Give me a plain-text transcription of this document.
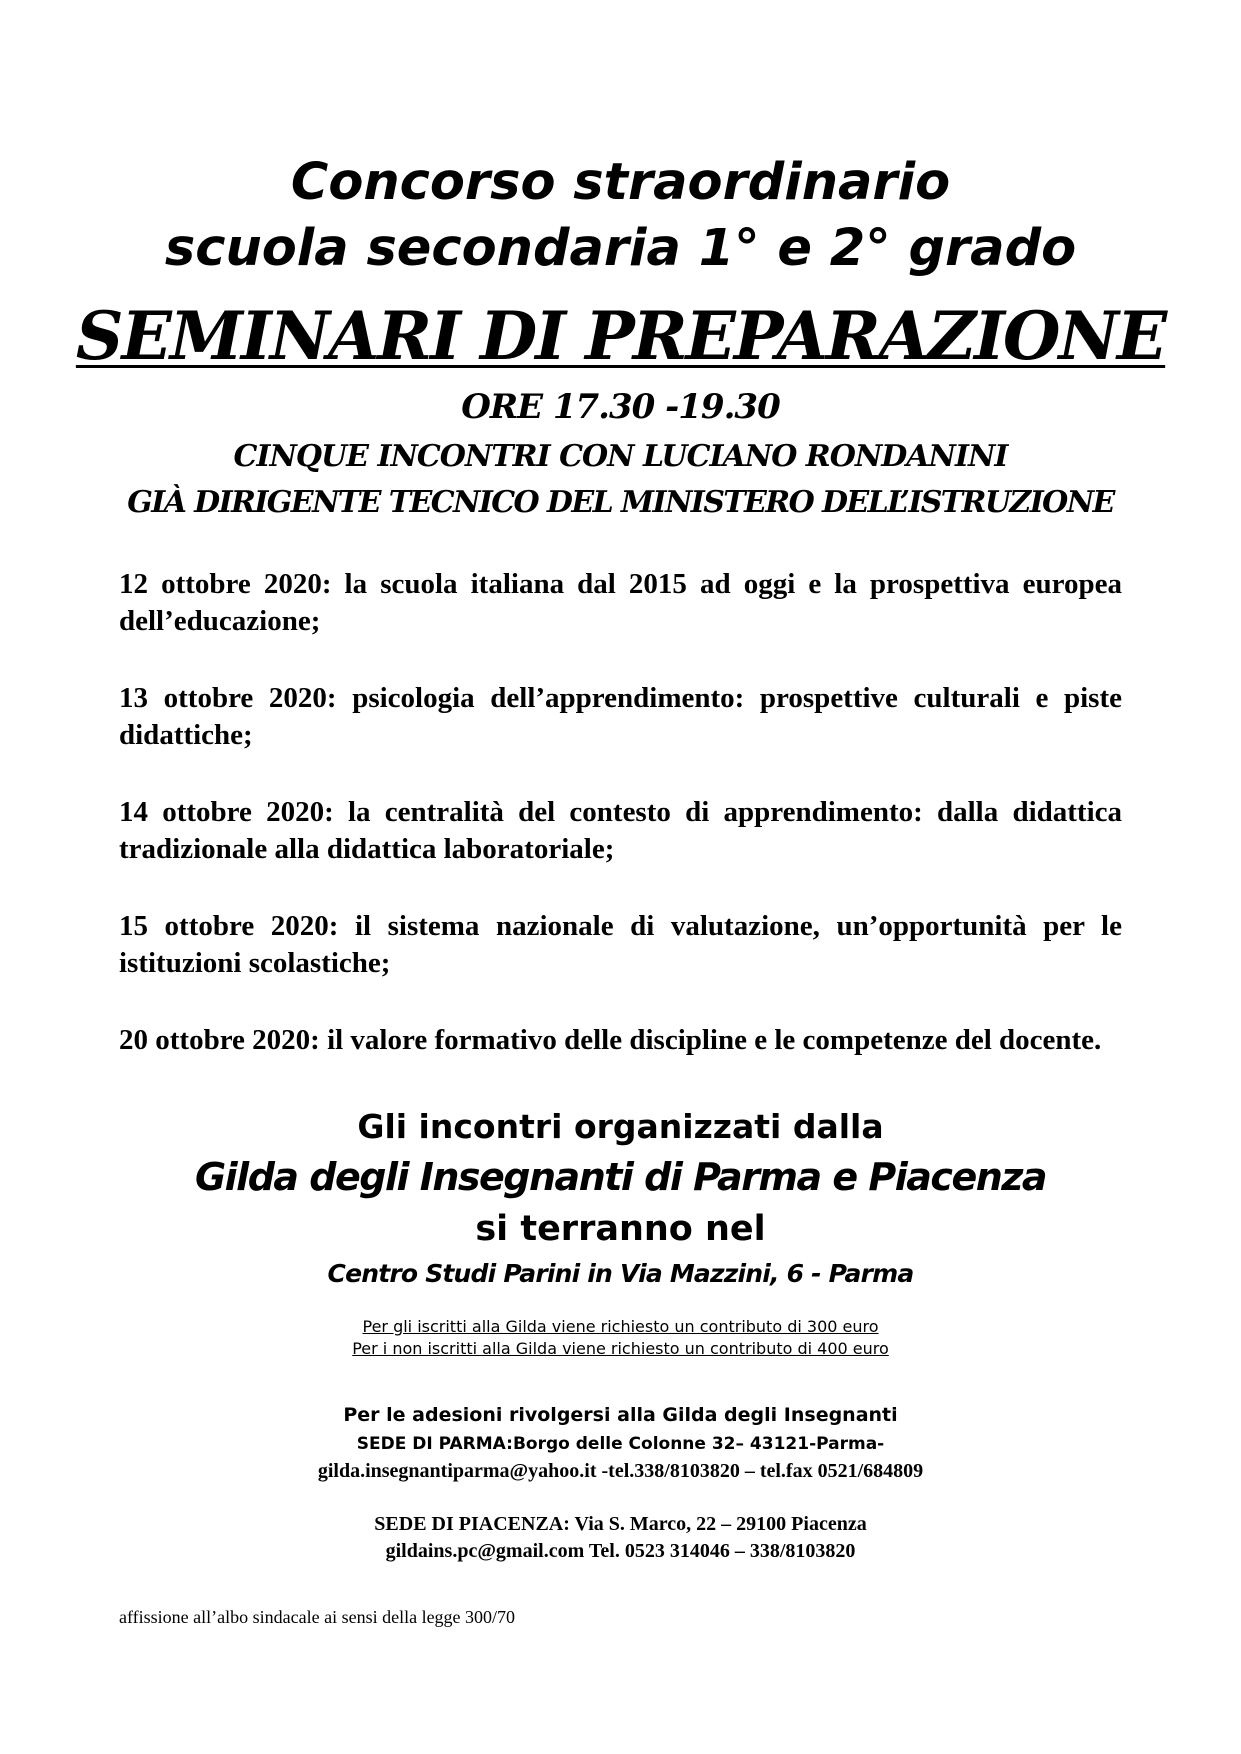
Concorso straordinario
scuola secondaria 1° e 2° grado
SEMINARI DI PREPARAZIONE
ORE 17.30 -19.30
CINQUE INCONTRI CON LUCIANO RONDANINI
GIÀ DIRIGENTE TECNICO DEL MINISTERO DELL’ISTRUZIONE
12 ottobre 2020: la scuola italiana dal 2015 ad oggi e la prospettiva europea dell’educazione;
13 ottobre 2020: psicologia dell’apprendimento: prospettive culturali e piste didattiche;
14 ottobre 2020: la centralità del contesto di apprendimento: dalla didattica tradizionale alla didattica laboratoriale;
15 ottobre 2020: il sistema nazionale di valutazione, un’opportunità per le istituzioni scolastiche;
20 ottobre 2020: il valore formativo delle discipline e le competenze del docente.
Gli incontri organizzati dalla
Gilda degli Insegnanti di Parma e Piacenza
si terranno nel
Centro Studi Parini in Via Mazzini, 6 - Parma
Per gli iscritti alla Gilda viene richiesto un contributo di 300 euro
Per i non iscritti alla Gilda viene richiesto un contributo di 400 euro
Per le adesioni rivolgersi alla Gilda degli Insegnanti
SEDE DI PARMA:Borgo delle Colonne 32– 43121-Parma-
gilda.insegnantiparma@yahoo.it -tel.338/8103820 – tel.fax 0521/684809
SEDE DI PIACENZA: Via S. Marco, 22 – 29100 Piacenza
gildains.pc@gmail.com Tel. 0523 314046 – 338/8103820
affissione all’albo sindacale ai sensi della legge 300/70
